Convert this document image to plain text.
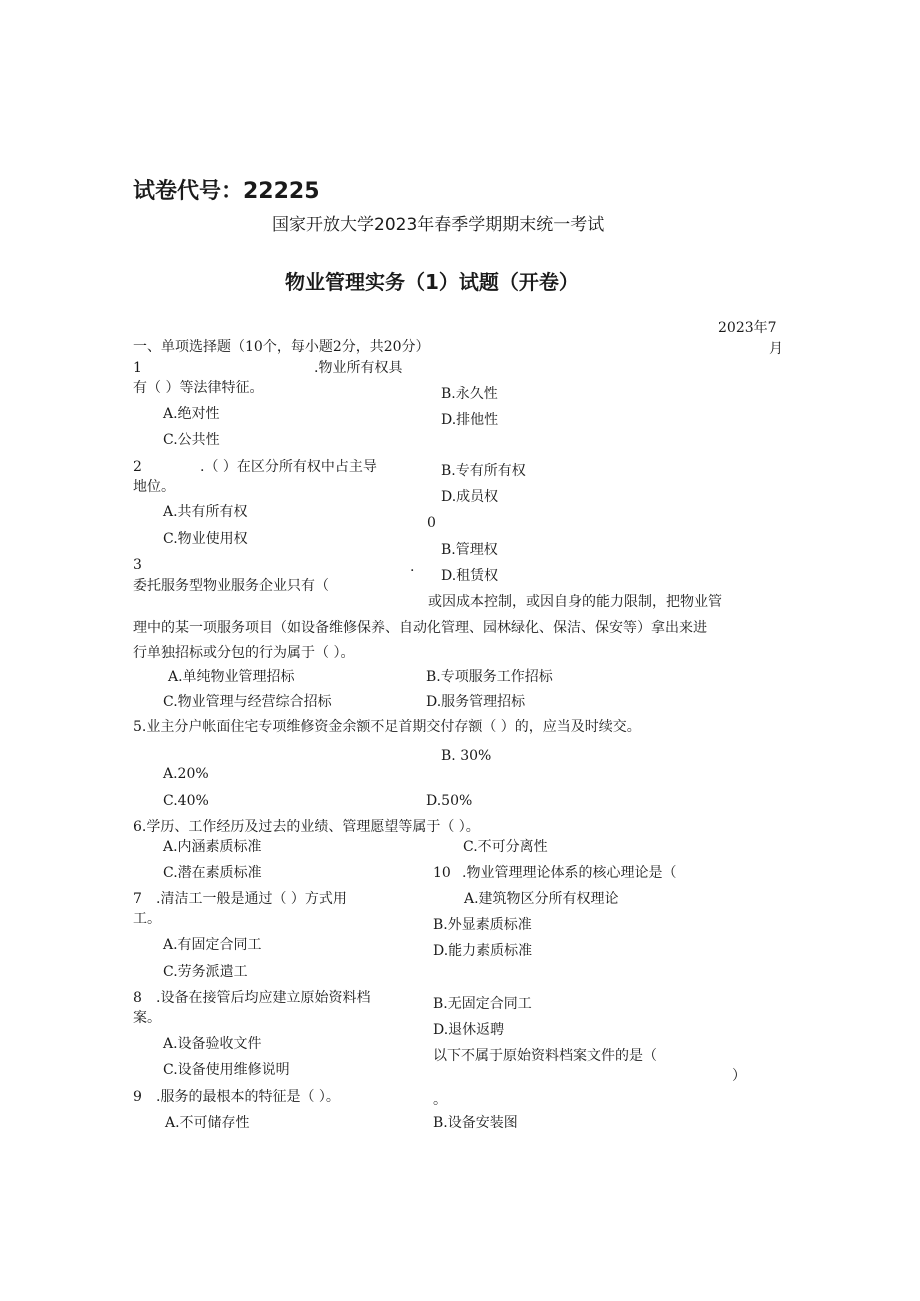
试卷代号：22225
国家开放大学2023年春季学期期末统一考试
物业管理实务（1）试题（开卷）
2023年7
月
一、单项选择题（10个，每小题2分，共20分）
1	.物业所有权具
有（ ）等法律特征。	B.永久性
A.绝对性	D.排他性
C.公共性
2	.（ ）在区分所有权中占主导	B.专有所有权
地位。
D.成员权
A.共有所有权
0
C.物业使用权
B.管理权
3	.
D.租赁权
委托服务型物业服务企业只有（
或因成本控制，或因自身的能力限制，把物业管
理中的某一项服务项目（如设备维修保养、自动化管理、园林绿化、保洁、保安等）拿出来进
行单独招标或分包的行为属于（ ）。
A.单纯物业管理招标	B.专项服务工作招标
C.物业管理与经营综合招标	D.服务管理招标
5.业主分户帐面住宅专项维修资金余额不足首期交付存额（ ）的，应当及时续交。
B. 30%
A.20%
C.40%	D.50%
6.学历、工作经历及过去的业绩、管理愿望等属于（ ）。
A.内涵素质标准	C.不可分离性
C.潜在素质标准	10 .物业管理理论体系的核心理论是（
A.建筑物区分所有权理论
7 .清洁工一般是通过（ ）方式用
工。	B.外显素质标准
A.有固定合同工	D.能力素质标准
C.劳务派遣工
8 .设备在接管后均应建立原始资料档	B.无固定合同工
案。
D.退休返聘
A.设备验收文件
以下不属于原始资料档案文件的是（
C.设备使用维修说明	）
9 .服务的最根本的特征是（ ）。	。
A.不可储存性	B.设备安装图
